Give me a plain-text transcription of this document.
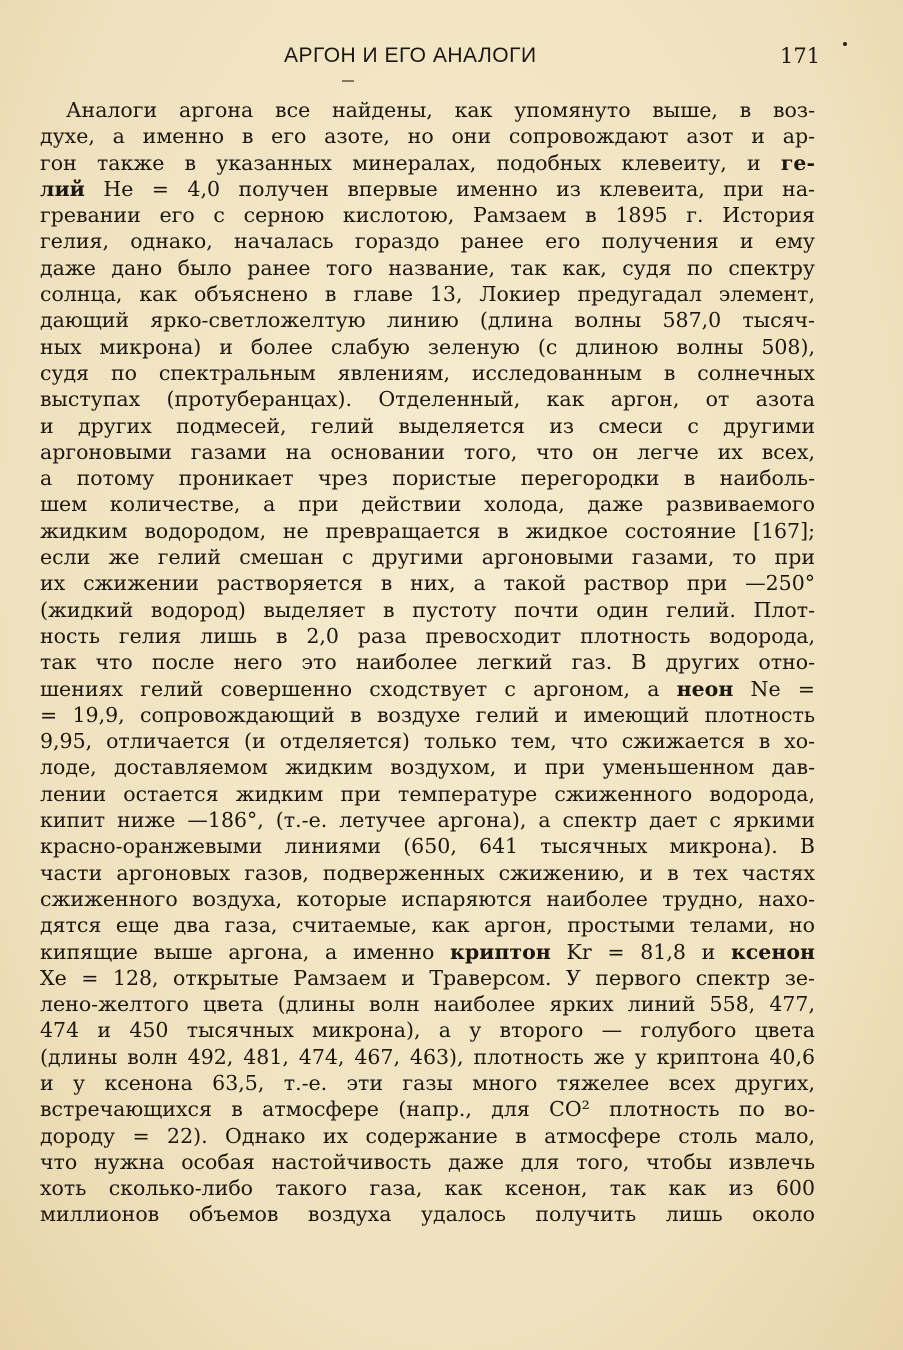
АРГОН И ЕГО АНАЛОГИ	171
Аналоги аргона все найдены, как упомянуто выше, в воз-
духе, а именно в его азоте, но они сопровождают азот и ар-
гон также в указанных минералах, подобных клевеиту, и ге-
лий He = 4,0 получен впервые именно из клевеита, при на-
гревании его с серною кислотою, Рамзаем в 1895 г. История
гелия, однако, началась гораздо ранее его получения и ему
даже дано было ранее того название, так как, судя по спектру
солнца, как объяснено в главе 13, Локиер предугадал элемент,
дающий ярко-светложелтую линию (длина волны 587,0 тысяч-
ных микрона) и более слабую зеленую (с длиною волны 508),
судя по спектральным явлениям, исследованным в солнечных
выступах (протуберанцах). Отделенный, как аргон, от азота
и других подмесей, гелий выделяется из смеси с другими
аргоновыми газами на основании того, что он легче их всех,
а потому проникает чрез пористые перегородки в наиболь-
шем количестве, а при действии холода, даже развиваемого
жидким водородом, не превращается в жидкое состояние [167];
если же гелий смешан с другими аргоновыми газами, то при
их сжижении растворяется в них, а такой раствор при —250°
(жидкий водород) выделяет в пустоту почти один гелий. Плот-
ность гелия лишь в 2,0 раза превосходит плотность водорода,
так что после него это наиболее легкий газ. В других отно-
шениях гелий совершенно сходствует с аргоном, а неон Ne =
= 19,9, сопровождающий в воздухе гелий и имеющий плотность
9,95, отличается (и отделяется) только тем, что сжижается в хо-
лоде, доставляемом жидким воздухом, и при уменьшенном дав-
лении остается жидким при температуре сжиженного водорода,
кипит ниже —186°, (т.-е. летучее аргона), а спектр дает с яркими
красно-оранжевыми линиями (650, 641 тысячных микрона). В
части аргоновых газов, подверженных сжижению, и в тех частях
сжиженного воздуха, которые испаряются наиболее трудно, нахо-
дятся еще два газа, считаемые, как аргон, простыми телами, но
кипящие выше аргона, а именно криптон Kr = 81,8 и ксенон
Xe = 128, открытые Рамзаем и Траверсом. У первого спектр зе-
лено-желтого цвета (длины волн наиболее ярких линий 558, 477,
474 и 450 тысячных микрона), а у второго — голубого цвета
(длины волн 492, 481, 474, 467, 463), плотность же у криптона 40,6
и у ксенона 63,5, т.-е. эти газы много тяжелее всех других,
встречающихся в атмосфере (напр., для CO² плотность по во-
дороду = 22). Однако их содержание в атмосфере столь мало,
что нужна особая настойчивость даже для того, чтобы извлечь
хоть сколько-либо такого газа, как ксенон, так как из 600
миллионов объемов воздуха удалось получить лишь около
